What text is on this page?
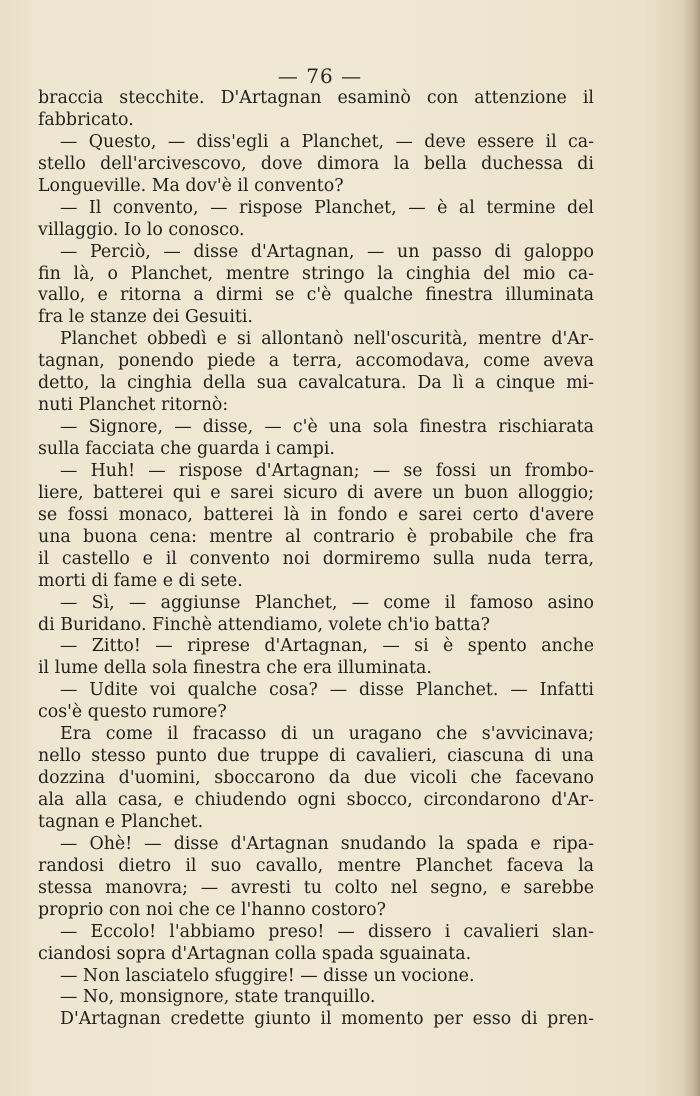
— 76 —
braccia stecchite. D'Artagnan esaminò con attenzione il
fabbricato.
— Questo, — diss'egli a Planchet, — deve essere il ca-
stello dell'arcivescovo, dove dimora la bella duchessa di
Longueville. Ma dov'è il convento?
— Il convento, — rispose Planchet, — è al termine del
villaggio. Io lo conosco.
— Perciò, — disse d'Artagnan, — un passo di galoppo
fin là, o Planchet, mentre stringo la cinghia del mio ca-
vallo, e ritorna a dirmi se c'è qualche finestra illuminata
fra le stanze dei Gesuiti.
Planchet obbedì e si allontanò nell'oscurità, mentre d'Ar-
tagnan, ponendo piede a terra, accomodava, come aveva
detto, la cinghia della sua cavalcatura. Da lì a cinque mi-
nuti Planchet ritornò:
— Signore, — disse, — c'è una sola finestra rischiarata
sulla facciata che guarda i campi.
— Huh! — rispose d'Artagnan; — se fossi un frombo-
liere, batterei qui e sarei sicuro di avere un buon alloggio;
se fossi monaco, batterei là in fondo e sarei certo d'avere
una buona cena: mentre al contrario è probabile che fra
il castello e il convento noi dormiremo sulla nuda terra,
morti di fame e di sete.
— Sì, — aggiunse Planchet, — come il famoso asino
di Buridano. Finchè attendiamo, volete ch'io batta?
— Zitto! — riprese d'Artagnan, — si è spento anche
il lume della sola finestra che era illuminata.
— Udite voi qualche cosa? — disse Planchet. — Infatti
cos'è questo rumore?
Era come il fracasso di un uragano che s'avvicinava;
nello stesso punto due truppe di cavalieri, ciascuna di una
dozzina d'uomini, sboccarono da due vicoli che facevano
ala alla casa, e chiudendo ogni sbocco, circondarono d'Ar-
tagnan e Planchet.
— Ohè! — disse d'Artagnan snudando la spada e ripa-
randosi dietro il suo cavallo, mentre Planchet faceva la
stessa manovra; — avresti tu colto nel segno, e sarebbe
proprio con noi che ce l'hanno costoro?
— Eccolo! l'abbiamo preso! — dissero i cavalieri slan-
ciandosi sopra d'Artagnan colla spada sguainata.
— Non lasciatelo sfuggire! — disse un vocione.
— No, monsignore, state tranquillo.
D'Artagnan credette giunto il momento per esso di pren-
